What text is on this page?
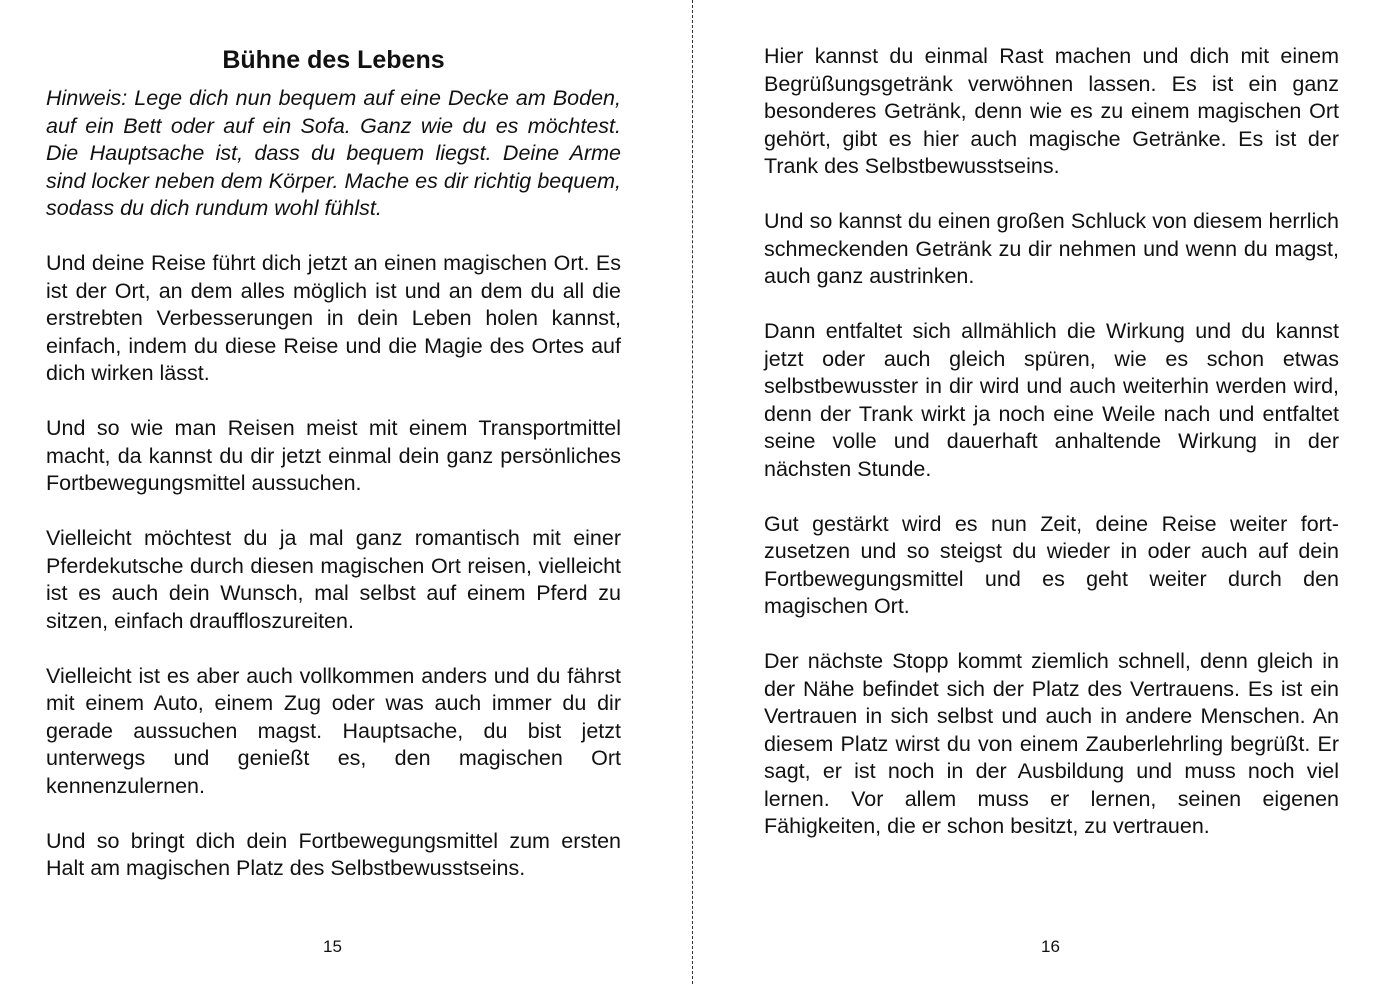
Bühne des Lebens

Hinweis: Lege dich nun bequem auf eine Decke am Boden, auf ein Bett oder auf ein Sofa. Ganz wie du es möchtest. Die Hauptsache ist, dass du bequem liegst. Deine Arme sind locker neben dem Körper. Mache es dir richtig bequem, sodass du dich rundum wohl fühlst.

Und deine Reise führt dich jetzt an einen magischen Ort. Es ist der Ort, an dem alles möglich ist und an dem du all die erstrebten Verbesserungen in dein Leben holen kannst, einfach, indem du diese Reise und die Magie des Ortes auf dich wirken lässt.

Und so wie man Reisen meist mit einem Transportmittel macht, da kannst du dir jetzt einmal dein ganz persönliches Fortbewegungsmittel aussuchen.

Vielleicht möchtest du ja mal ganz romantisch mit einer Pferdekutsche durch diesen magischen Ort reisen, vielleicht ist es auch dein Wunsch, mal selbst auf einem Pferd zu sitzen, einfach drauffloszureiten.

Vielleicht ist es aber auch vollkommen anders und du fährst mit einem Auto, einem Zug oder was auch immer du dir gerade aussuchen magst. Hauptsache, du bist jetzt unterwegs und genießt es, den magischen Ort kennenzulernen.

Und so bringt dich dein Fortbewegungsmittel zum ersten Halt am magischen Platz des Selbstbewusstseins.

15

Hier kannst du einmal Rast machen und dich mit einem Begrüßungsgetränk verwöhnen lassen. Es ist ein ganz besonderes Getränk, denn wie es zu einem magischen Ort gehört, gibt es hier auch magische Getränke. Es ist der Trank des Selbstbewusstseins.

Und so kannst du einen großen Schluck von diesem herrlich schmeckenden Getränk zu dir nehmen und wenn du magst, auch ganz austrinken.

Dann entfaltet sich allmählich die Wirkung und du kannst jetzt oder auch gleich spüren, wie es schon etwas selbstbewusster in dir wird und auch weiterhin werden wird, denn der Trank wirkt ja noch eine Weile nach und entfaltet seine volle und dauerhaft anhaltende Wirkung in der nächsten Stunde.

Gut gestärkt wird es nun Zeit, deine Reise weiter fortzusetzen und so steigst du wieder in oder auch auf dein Fortbewegungsmittel und es geht weiter durch den magischen Ort.

Der nächste Stopp kommt ziemlich schnell, denn gleich in der Nähe befindet sich der Platz des Vertrauens. Es ist ein Vertrauen in sich selbst und auch in andere Menschen. An diesem Platz wirst du von einem Zauberlehrling begrüßt. Er sagt, er ist noch in der Ausbildung und muss noch viel lernen. Vor allem muss er lernen, seinen eigenen Fähigkeiten, die er schon besitzt, zu vertrauen.

16
